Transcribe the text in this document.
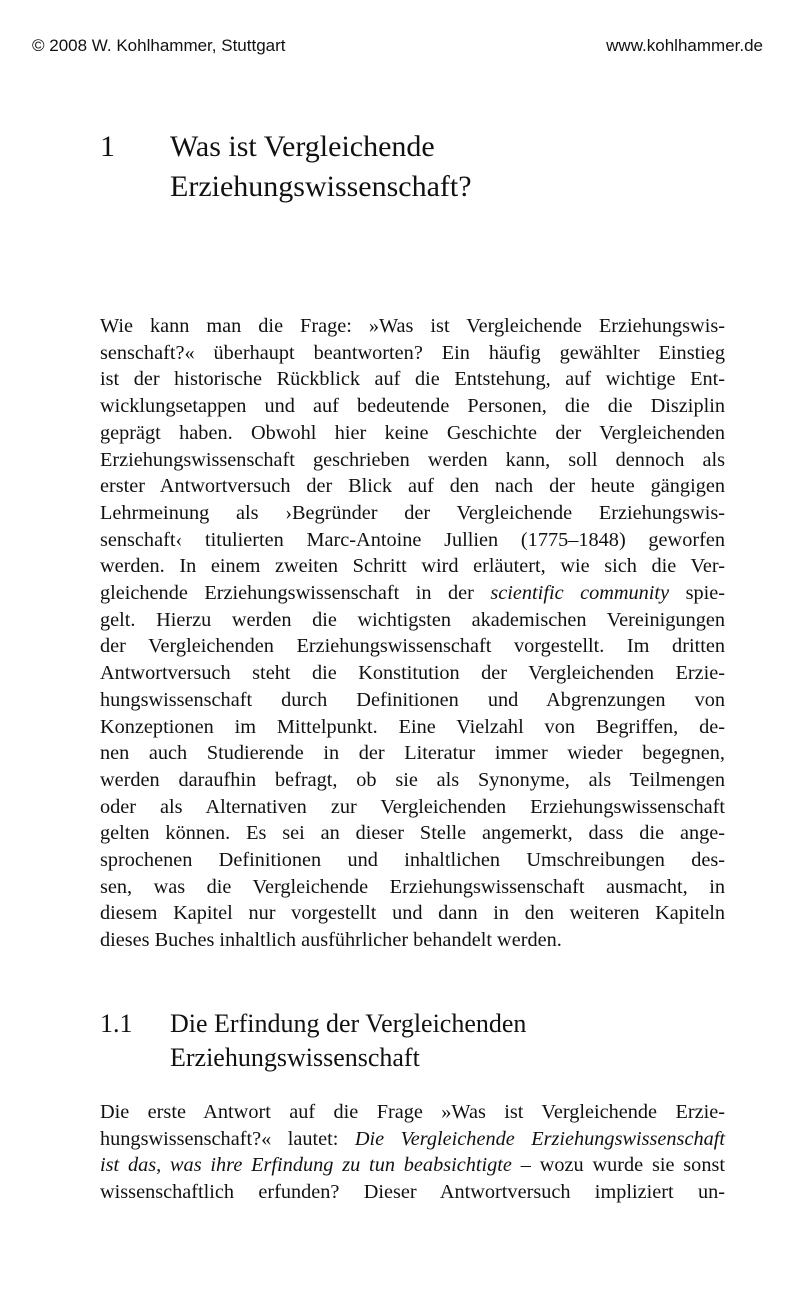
© 2008 W. Kohlhammer, Stuttgart	www.kohlhammer.de
1 Was ist Vergleichende
Erziehungswissenschaft?
Wie kann man die Frage: »Was ist Vergleichende Erziehungswis-
senschaft?« überhaupt beantworten? Ein häufig gewählter Einstieg
ist der historische Rückblick auf die Entstehung, auf wichtige Ent-
wicklungsetappen und auf bedeutende Personen, die die Disziplin
geprägt haben. Obwohl hier keine Geschichte der Vergleichenden
Erziehungswissenschaft geschrieben werden kann, soll dennoch als
erster Antwortversuch der Blick auf den nach der heute gängigen
Lehrmeinung als ›Begründer der Vergleichende Erziehungswis-
senschaft‹ titulierten Marc-Antoine Jullien (1775–1848) geworfen
werden. In einem zweiten Schritt wird erläutert, wie sich die Ver-
gleichende Erziehungswissenschaft in der scientific community spie-
gelt. Hierzu werden die wichtigsten akademischen Vereinigungen
der Vergleichenden Erziehungswissenschaft vorgestellt. Im dritten
Antwortversuch steht die Konstitution der Vergleichenden Erzie-
hungswissenschaft durch Definitionen und Abgrenzungen von
Konzeptionen im Mittelpunkt. Eine Vielzahl von Begriffen, de-
nen auch Studierende in der Literatur immer wieder begegnen,
werden daraufhin befragt, ob sie als Synonyme, als Teilmengen
oder als Alternativen zur Vergleichenden Erziehungswissenschaft
gelten können. Es sei an dieser Stelle angemerkt, dass die ange-
sprochenen Definitionen und inhaltlichen Umschreibungen des-
sen, was die Vergleichende Erziehungswissenschaft ausmacht, in
diesem Kapitel nur vorgestellt und dann in den weiteren Kapiteln
dieses Buches inhaltlich ausführlicher behandelt werden.
1.1 Die Erfindung der Vergleichenden
Erziehungswissenschaft
Die erste Antwort auf die Frage »Was ist Vergleichende Erzie-
hungswissenschaft?« lautet: Die Vergleichende Erziehungswissenschaft
ist das, was ihre Erfindung zu tun beabsichtigte – wozu wurde sie sonst
wissenschaftlich erfunden? Dieser Antwortversuch impliziert un-
